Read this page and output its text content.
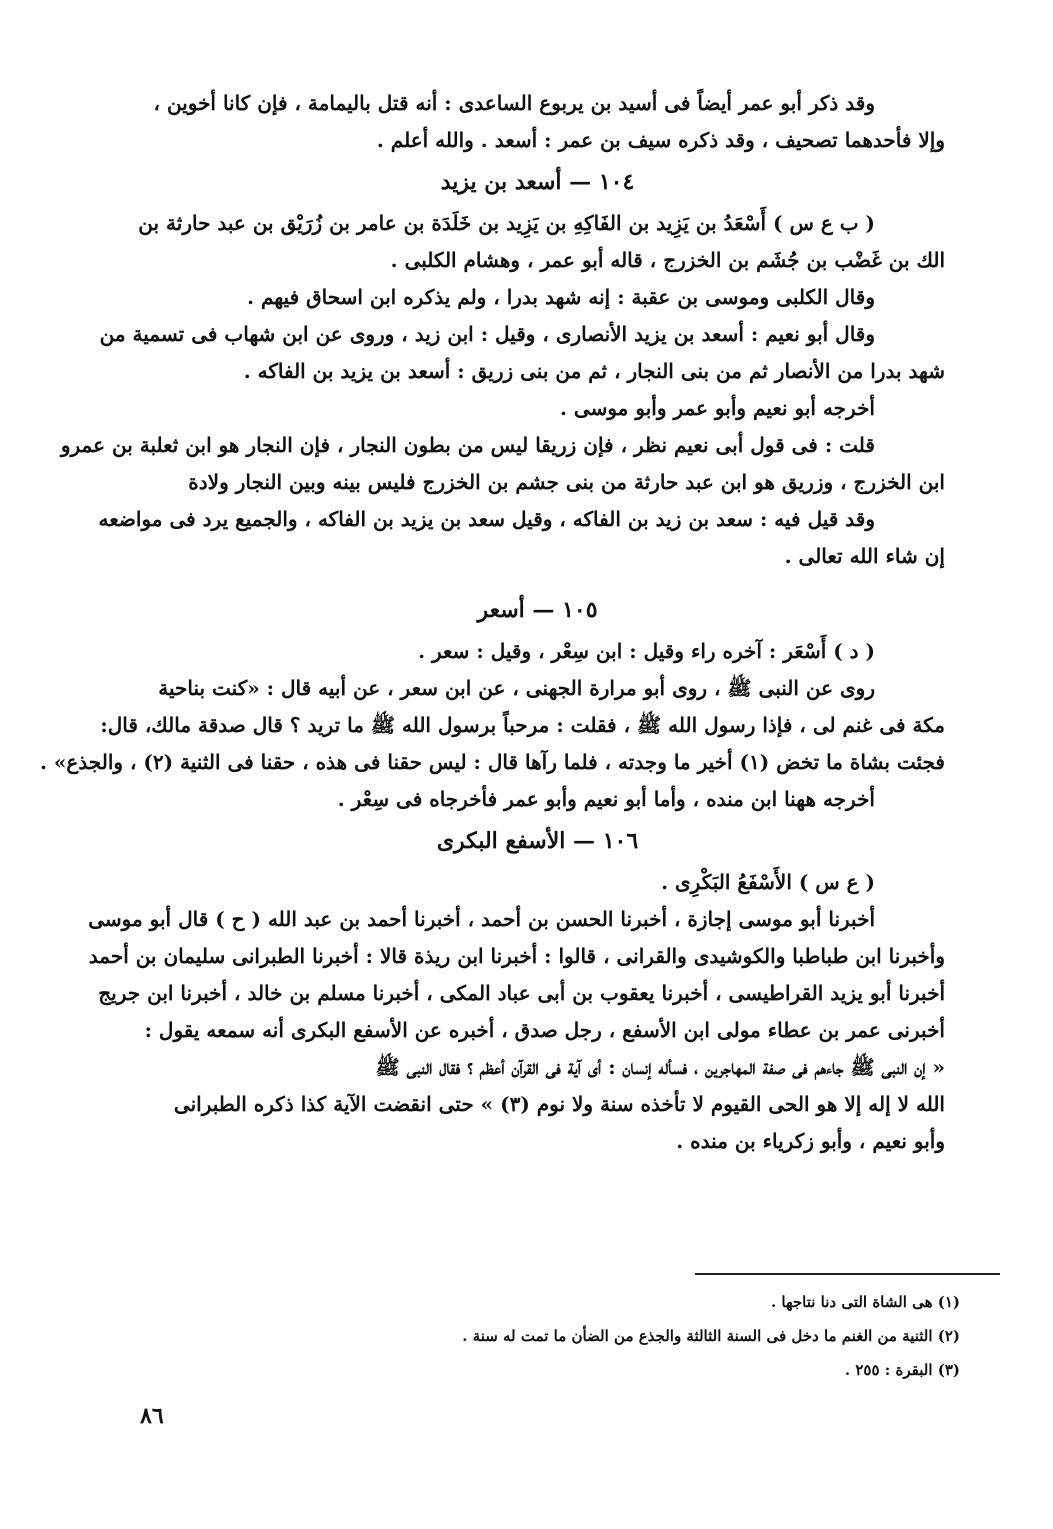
وقد ذكر أبو عمر أيضاً فى أسيد بن يربوع الساعدى : أنه قتل باليمامة ، فإن كانا أخوين ،
وإلا فأحدهما تصحيف ، وقد ذكره سيف بن عمر : أسعد . والله أعلم .
١٠٤ — أسعد بن يزيد
( ب ع س ) أَسْعَدُ بن يَزِيد بن الفَاكِهِ بن يَزِيد بن خَلَدَة بن عامر بن زُرَيْق بن عبد حارثة بن
الك بن غَضْب بن جُشَم بن الخزرج ، قاله أبو عمر ، وهشام الكلبى .
وقال الكلبى وموسى بن عقبة : إنه شهد بدرا ، ولم يذكره ابن اسحاق فيهم .
وقال أبو نعيم : أسعد بن يزيد الأنصارى ، وقيل : ابن زيد ، وروى عن ابن شهاب فى تسمية من
شهد بدرا من الأنصار ثم من بنى النجار ، ثم من بنى زريق : أسعد بن يزيد بن الفاكه .
أخرجه أبو نعيم وأبو عمر وأبو موسى .
قلت : فى قول أبى نعيم نظر ، فإن زريقا ليس من بطون النجار ، فإن النجار هو ابن ثعلبة بن عمرو
ابن الخزرج ، وزريق هو ابن عبد حارثة من بنى جشم بن الخزرج فليس بينه وبين النجار ولادة
وقد قيل فيه : سعد بن زيد بن الفاكه ، وقيل سعد بن يزيد بن الفاكه ، والجميع يرد فى مواضعه
إن شاء الله تعالى .
١٠٥ — أسعر
( د ) أَسْعَر : آخره راء وقيل : ابن سِعْر ، وقيل : سعر .
روى عن النبى ﷺ ، روى أبو مرارة الجهنى ، عن ابن سعر ، عن أبيه قال : «كنت بناحية
مكة فى غنم لى ، فإذا رسول الله ﷺ ، فقلت : مرحباً برسول الله ﷺ ما تريد ؟ قال صدقة مالك، قال:
فجئت بشاة ما تخض (١) أخير ما وجدته ، فلما رآها قال : ليس حقنا فى هذه ، حقنا فى الثنية (٢) ، والجذع» .
أخرجه ههنا ابن منده ، وأما أبو نعيم وأبو عمر فأخرجاه فى سِعْر .
١٠٦ — الأسفع البكرى
( ع س ) الأَسْفَعُ البَكْرِى .
أخبرنا أبو موسى إجازة ، أخبرنا الحسن بن أحمد ، أخبرنا أحمد بن عبد الله ( ح ) قال أبو موسى
وأخبرنا ابن طباطبا والكوشيدى والقرانى ، قالوا : أخبرنا ابن ريذة قالا : أخبرنا الطبرانى سليمان بن أحمد
أخبرنا أبو يزيد القراطيسى ، أخبرنا يعقوب بن أبى عباد المكى ، أخبرنا مسلم بن خالد ، أخبرنا ابن جريج
أخبرنى عمر بن عطاء مولى ابن الأسفع ، رجل صدق ، أخبره عن الأسفع البكرى أنه سمعه يقول :
« إن النبى ﷺ جاءهم فى صفة المهاجرين ، فسأله إنسان : أى آية فى القرآن أعظم ؟ فقال النبى ﷺ
الله لا إله إلا هو الحى القيوم لا تأخذه سنة ولا نوم (٣) » حتى انقضت الآية كذا ذكره الطبرانى
وأبو نعيم ، وأبو زكرياء بن منده .
(١) هى الشاة التى دنا نتاجها .
(٢) الثنية من الغنم ما دخل فى السنة الثالثة والجذع من الضأن ما تمت له سنة .
(٣) البقرة : ٢٥٥ .
٨٦
